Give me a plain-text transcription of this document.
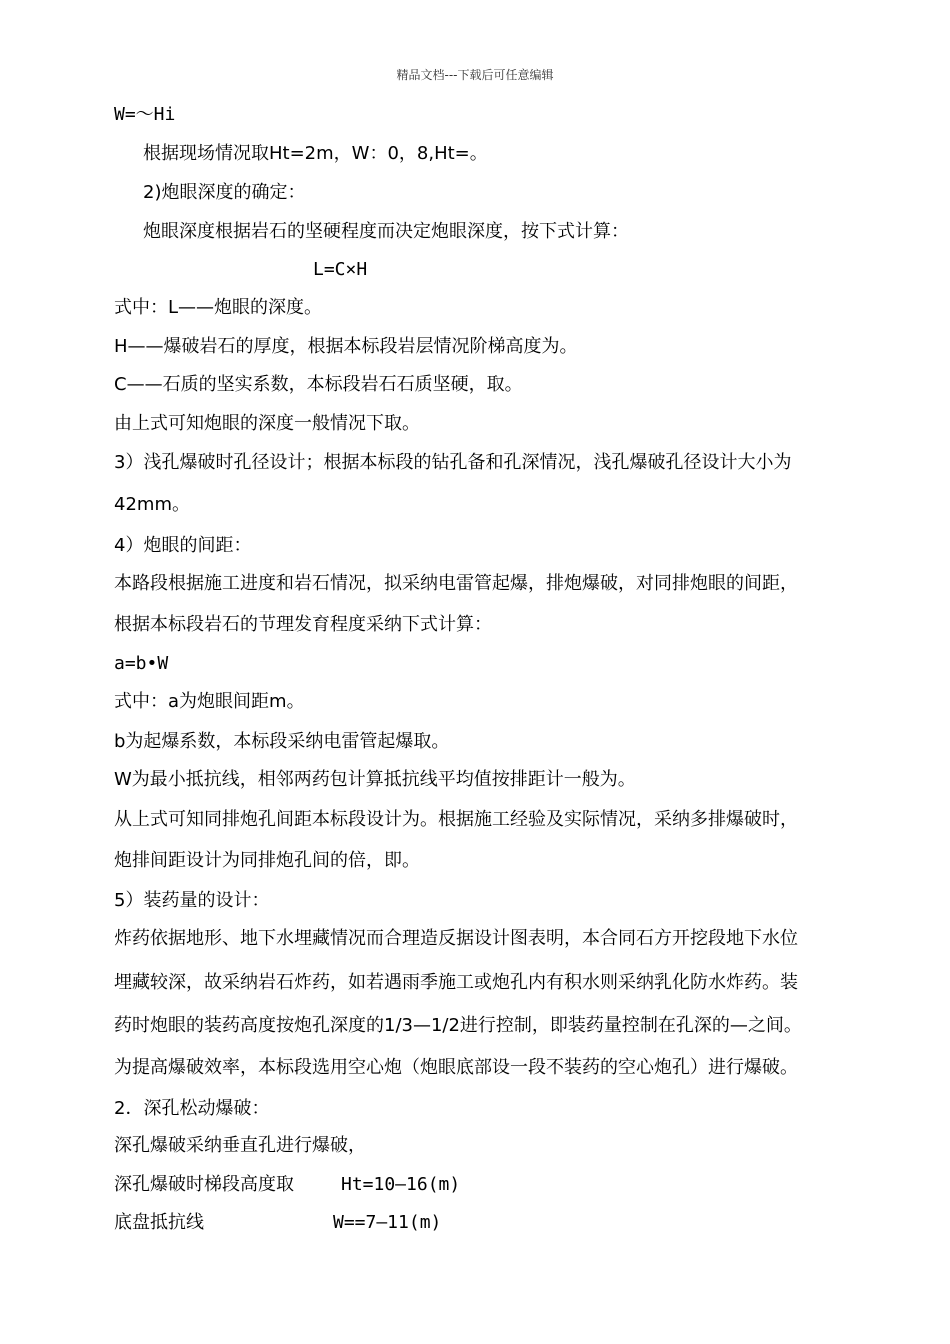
精品文档---下载后可任意编辑
W=～Hi
根据现场情况取Ht=2m，W：0，8,Ht=。
2)炮眼深度的确定：
炮眼深度根据岩石的坚硬程度而决定炮眼深度，按下式计算：
L=C×H
式中：L——炮眼的深度。
H——爆破岩石的厚度，根据本标段岩层情况阶梯高度为。
C——石质的坚实系数，本标段岩石石质坚硬，取。
由上式可知炮眼的深度一般情况下取。
3）浅孔爆破时孔径设计；根据本标段的钻孔备和孔深情况，浅孔爆破孔径设计大小为
42mm。
4）炮眼的间距：
本路段根据施工进度和岩石情况，拟采纳电雷管起爆，排炮爆破，对同排炮眼的间距，
根据本标段岩石的节理发育程度采纳下式计算：
a=b•W
式中：a为炮眼间距m。
b为起爆系数，本标段采纳电雷管起爆取。
W为最小抵抗线，相邻两药包计算抵抗线平均值按排距计一般为。
从上式可知同排炮孔间距本标段设计为。根据施工经验及实际情况，采纳多排爆破时，
炮排间距设计为同排炮孔间的倍，即。
5）装药量的设计：
炸药依据地形、地下水埋藏情况而合理造反据设计图表明，本合同石方开挖段地下水位
埋藏较深，故采纳岩石炸药，如若遇雨季施工或炮孔内有积水则采纳乳化防水炸药。装
药时炮眼的装药高度按炮孔深度的1/3—1/2进行控制，即装药量控制在孔深的—之间。
为提高爆破效率，本标段选用空心炮（炮眼底部设一段不装药的空心炮孔）进行爆破。
2．深孔松动爆破：
深孔爆破采纳垂直孔进行爆破，
深孔爆破时梯段高度取	Ht=10—16(m)
底盘抵抗线	W==7—11(m)
